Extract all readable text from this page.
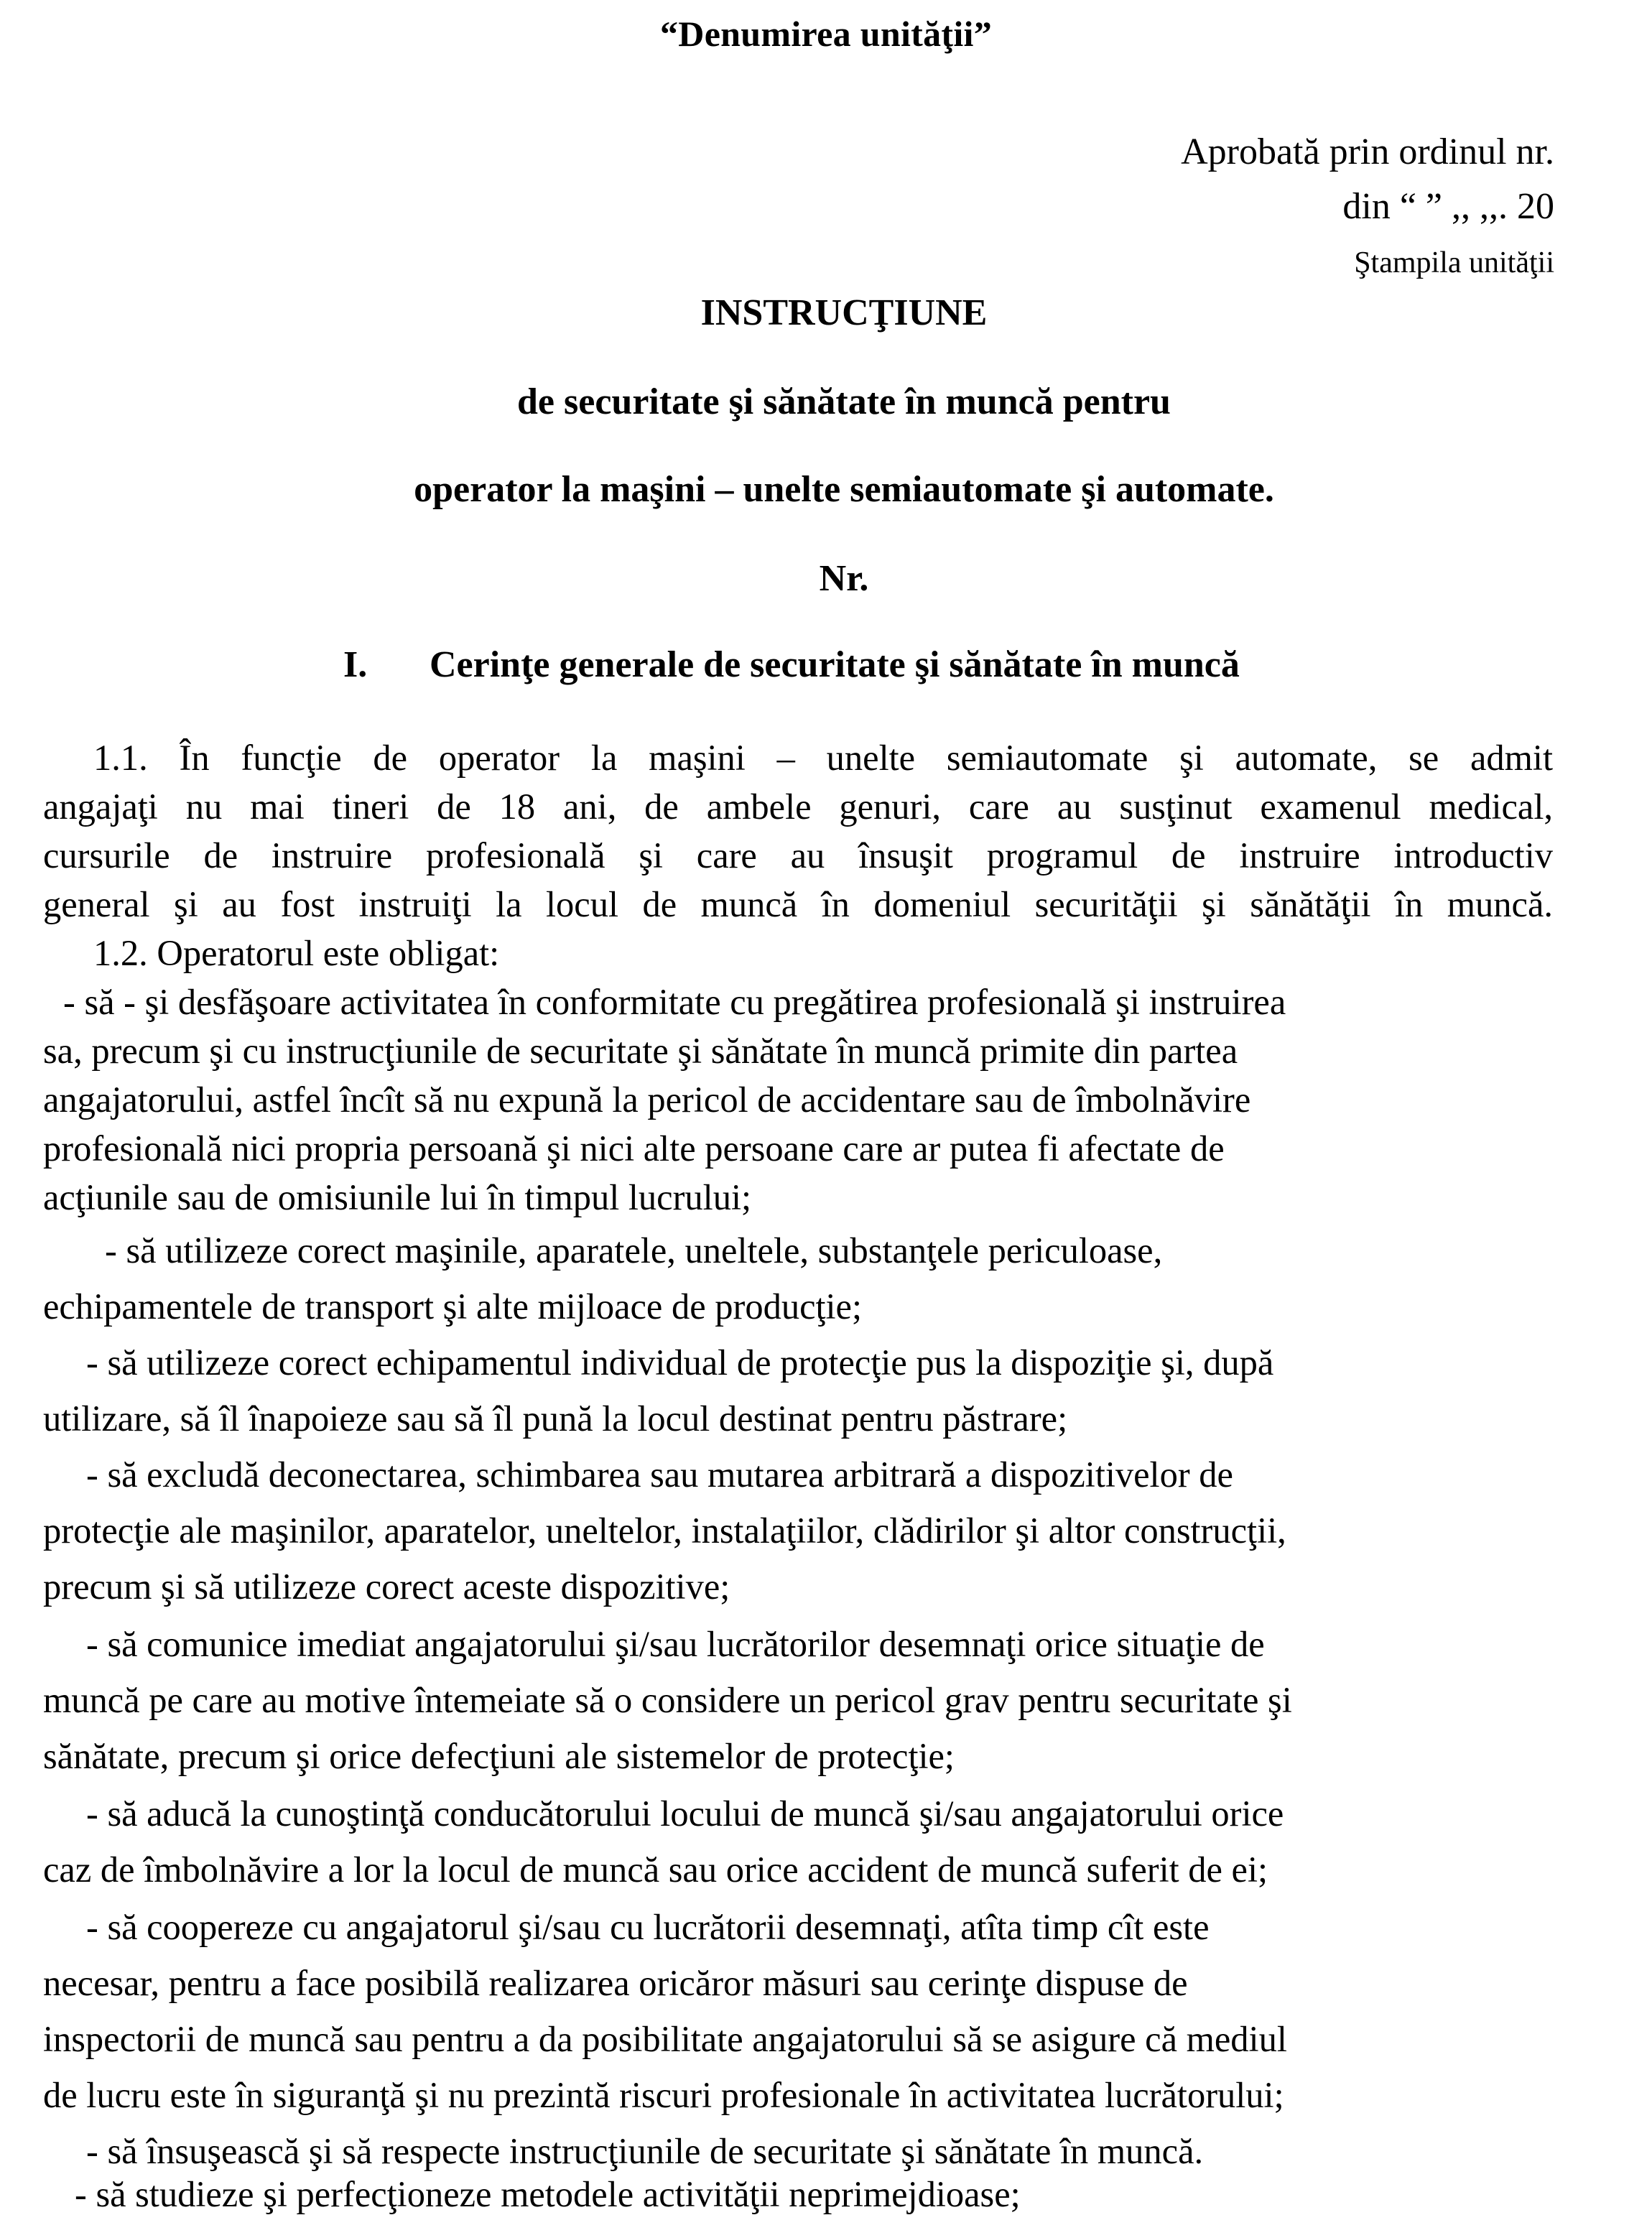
“Denumirea unităţii”
Aprobată prin ordinul nr.
din “ ” ,, ,,. 20
Ştampila unităţii
INSTRUCŢIUNE
de securitate şi sănătate în muncă pentru
operator la maşini – unelte semiautomate şi automate.
Nr.
I. Cerinţe generale de securitate şi sănătate în muncă
1.1. În funcţie de operator la maşini – unelte semiautomate şi automate, se admit
angajaţi nu mai tineri de 18 ani, de ambele genuri, care au susţinut examenul medical,
cursurile de instruire profesională şi care au însuşit programul de instruire introductiv
general şi au fost instruiţi la locul de muncă în domeniul securităţii şi sănătăţii în muncă.
1.2. Operatorul este obligat:
- să - şi desfăşoare activitatea în conformitate cu pregătirea profesională şi instruirea
sa, precum şi cu instrucţiunile de securitate şi sănătate în muncă primite din partea
angajatorului, astfel încît să nu expună la pericol de accidentare sau de îmbolnăvire
profesională nici propria persoană şi nici alte persoane care ar putea fi afectate de
acţiunile sau de omisiunile lui în timpul lucrului;
- să utilizeze corect maşinile, aparatele, uneltele, substanţele periculoase,
echipamentele de transport şi alte mijloace de producţie;
- să utilizeze corect echipamentul individual de protecţie pus la dispoziţie şi, după
utilizare, să îl înapoieze sau să îl pună la locul destinat pentru păstrare;
- să excludă deconectarea, schimbarea sau mutarea arbitrară a dispozitivelor de
protecţie ale maşinilor, aparatelor, uneltelor, instalaţiilor, clădirilor şi altor construcţii,
precum şi să utilizeze corect aceste dispozitive;
- să comunice imediat angajatorului şi/sau lucrătorilor desemnaţi orice situaţie de
muncă pe care au motive întemeiate să o considere un pericol grav pentru securitate şi
sănătate, precum şi orice defecţiuni ale sistemelor de protecţie;
- să aducă la cunoştinţă conducătorului locului de muncă şi/sau angajatorului orice
caz de îmbolnăvire a lor la locul de muncă sau orice accident de muncă suferit de ei;
- să coopereze cu angajatorul şi/sau cu lucrătorii desemnaţi, atîta timp cît este
necesar, pentru a face posibilă realizarea oricăror măsuri sau cerinţe dispuse de
inspectorii de muncă sau pentru a da posibilitate angajatorului să se asigure că mediul
de lucru este în siguranţă şi nu prezintă riscuri profesionale în activitatea lucrătorului;
- să însuşească şi să respecte instrucţiunile de securitate şi sănătate în muncă.
- să studieze şi perfecţioneze metodele activităţii neprimejdioase;
